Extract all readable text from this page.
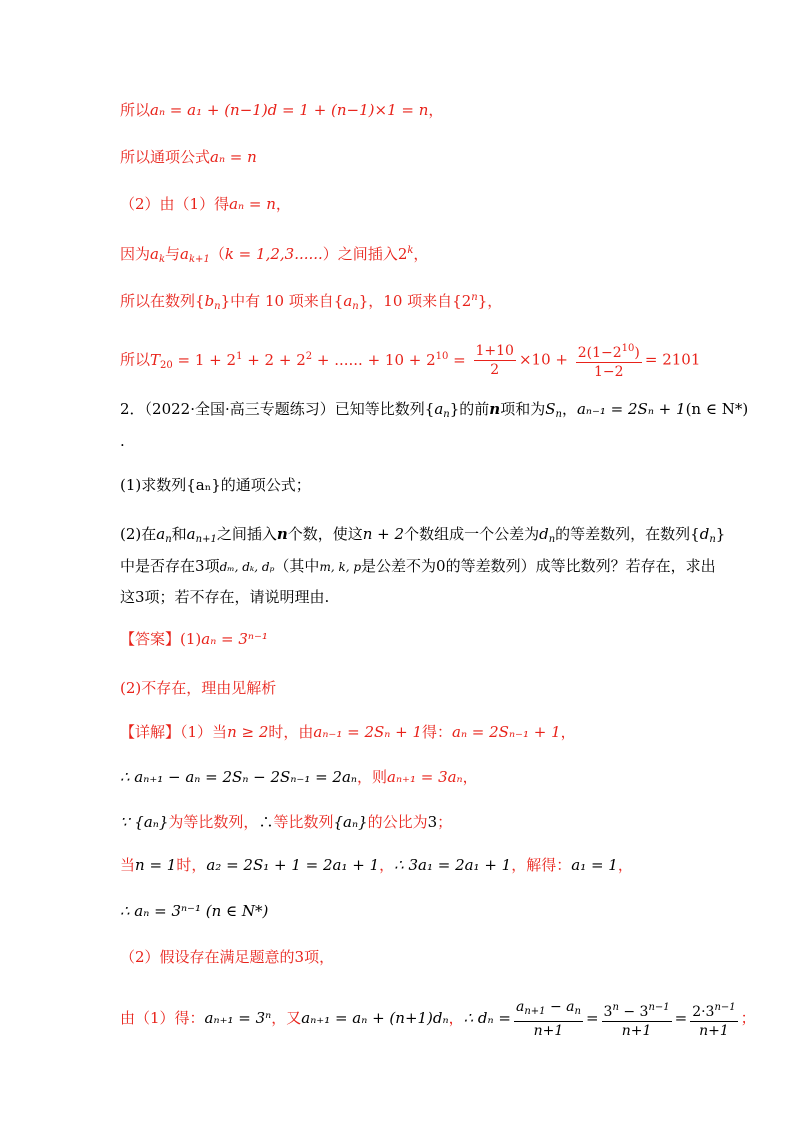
所以aₙ = a₁ + (n−1)d = 1 + (n−1)×1 = n，
所以通项公式aₙ = n
（2）由（1）得aₙ = n，
因为$a_k$与$a_{k+1}(k = 1,2,3......)$之间插入2$^k$，
所以在数列$\{b_n\}$中有 10 项来自$\{a_n\}$，10 项来自{2$^n$}，
所以$T_{20} = 1 + 2^1 + 2 + 2^2$ + ...... + $10 + 2^{10} = \frac{1+10}{2} \times 10 + \frac{2(1-2^{10})}{1-2} = 2101$
2．（2022·全国·高三专题练习）已知等比数列$\{a_n\}$的前n项和为$S_n$，aₙ₋₁ = 2Sₙ + 1(n ∈ N*)
.
(1)求数列{aₙ}的通项公式；
(2)在$a_n$和$a_{n+1}$之间插入n个数，使这n + 2个数组成一个公差为$d_n$的等差数列，在数列$\{d_n\}$
中是否存在3项dₘ, dₖ, dₚ（其中m, k, p是公差不为0的等差数列）成等比数列？若存在，求出
这3项；若不存在，请说明理由.
【答案】(1)aₙ = 3ⁿ⁻¹
(2)不存在，理由见解析
【详解】（1）当n ≥ 2时，由aₙ₋₁ = 2Sₙ + 1得：aₙ = 2Sₙ₋₁ + 1，
∴ aₙ₊₁ − aₙ = 2Sₙ − 2Sₙ₋₁ = 2aₙ，则aₙ₊₁ = 3aₙ，
∵ {aₙ}为等比数列，∴等比数列{aₙ}的公比为3；
当n = 1时，a₂ = 2S₁ + 1 = 2a₁ + 1，∴ 3a₁ = 2a₁ + 1，解得：a₁ = 1，
∴ aₙ = 3ⁿ⁻¹ (n ∈ N*)
（2）假设存在满足题意的3项，
由（1）得：aₙ₊₁ = 3ⁿ，又aₙ₊₁ = aₙ + (n+1)dₙ，∴ $d_n = \frac{a_{n+1} - a_n}{n+1} = \frac{3^n - 3^{n-1}}{n+1} = \frac{2\cdot 3^{n-1}}{n+1}$ ；
